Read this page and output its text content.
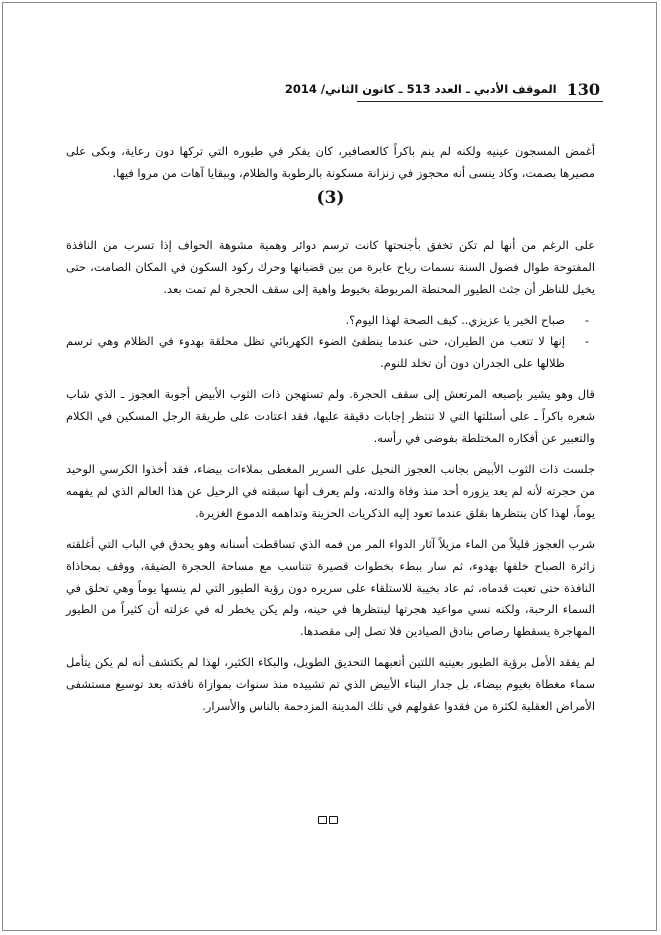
الموقف الأدبي ـ العدد 513 ـ كانون الثاني/ 2014 130

أغمض المسجون عينيه ولكنه لم ينم باكراً كالعصافير، كان يفكر في طيوره التي تركها دون رعاية، وبكى على مصيرها بصمت، وكاد ينسى أنه محجوز في زنزانة مسكونة بالرطوبة والظلام، وببقايا آهات من مروا فيها.

(3)

على الرغم من أنها لم تكن تخفق بأجنحتها كانت ترسم دوائر وهمية مشوهة الحواف إذا تسرب من النافذة المفتوحة طوال فصول السنة نسمات رياح عابرة من بين قضبانها وحرك ركود السكون في المكان الصامت، حتى يخيل للناظر أن جثث الطيور المحنطة المربوطة بخيوط واهية إلى سقف الحجرة لم تمت بعد.

-
صباح الخير يا عزيزي.. كيف الصحة لهذا اليوم؟.

-
إنها لا تتعب من الطيران، حتى عندما ينطفئ الضوء الكهربائي تظل محلقة بهدوء في الظلام وهي ترسم ظلالها على الجدران دون أن تخلد للنوم.

قال وهو يشير بإصبعه المرتعش إلى سقف الحجرة. ولم تستهجن ذات الثوب الأبيض أجوبة العجوز ـ الذي شاب شعره باكراً ـ على أسئلتها التي لا تنتظر إجابات دقيقة عليها، فقد اعتادت على طريقة الرجل المسكين في الكلام والتعبير عن أفكاره المختلطة بفوضى في رأسه.

جلست ذات الثوب الأبيض بجانب العجوز النحيل على السرير المغطى بملاءات بيضاء، فقد أخذوا الكرسي الوحيد من حجرته لأنه لم يعد يزوره أحد منذ وفاة والدته، ولم يعرف أنها سبقته في الرحيل عن هذا العالم الذي لم يفهمه يوماً، لهذا كان ينتظرها بقلق عندما تعود إليه الذكريات الحزينة وتداهمه الدموع الغزيرة.

شرب العجوز قليلاً من الماء مزيلاً آثار الدواء المر من فمه الذي تساقطت أسنانه وهو يحدق في الباب التي أغلقته زائرة الصباح خلفها بهدوء، ثم سار ببطء بخطوات قصيرة تتناسب مع مساحة الحجرة الضيقة، ووقف بمحاذاة النافذة حتى تعبت قدماه، ثم عاد بخيبة للاستلقاء على سريره دون رؤية الطيور التي لم ينسها يوماً وهي تحلق في السماء الرحبة، ولكنه نسي مواعيد هجرتها لينتظرها في حينه، ولم يكن يخطر له في عزلته أن كثيراً من الطيور المهاجرة يسقطها رصاص بنادق الصيادين فلا تصل إلى مقصدها.

لم يفقد الأمل برؤية الطيور بعينيه اللتين أتعبهما التحديق الطويل، والبكاء الكثير، لهذا لم يكتشف أنه لم يكن يتأمل سماء مغطاة بغيوم بيضاء، بل جدار البناء الأبيض الذي تم تشييده منذ سنوات بموازاة نافذته بعد توسيع مستشفى الأمراض العقلية لكثرة من فقدوا عقولهم في تلك المدينة المزدحمة بالناس والأسرار.
